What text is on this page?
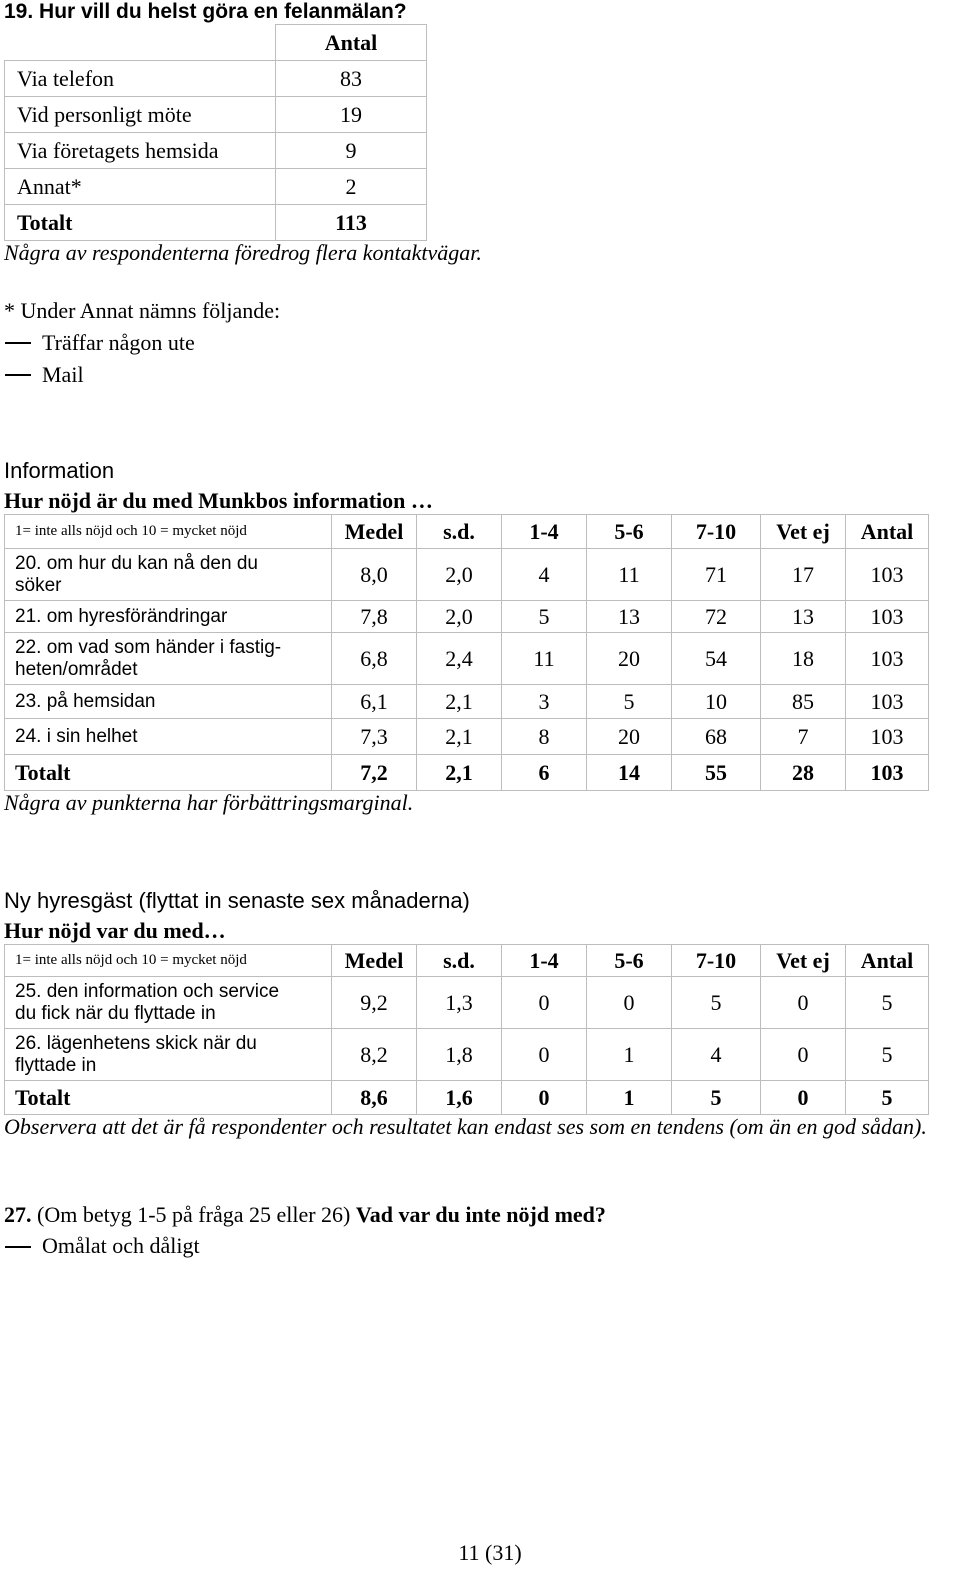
19. Hur vill du helst göra en felanmälan?
	Antal
Via telefon	83
Vid personligt möte	19
Via företagets hemsida	9
Annat*	2
Totalt	113
Några av respondenterna föredrog flera kontaktvägar.
* Under Annat nämns följande:
Träffar någon ute
Mail
Information
Hur nöjd är du med Munkbos information …
1= inte alls nöjd och 10 = mycket nöjd	Medel	s.d.	1-4	5-6	7-10	Vet ej	Antal

20. om hur du kan nå den du
söker	8,0	2,0	4	11	71	17	103
21. om hyresförändringar	7,8	2,0	5	13	72	13	103

22. om vad som händer i fastig-
heten/området	6,8	2,4	11	20	54	18	103
23. på hemsidan	6,1	2,1	3	5	10	85	103
24. i sin helhet	7,3	2,1	8	20	68	7	103
Totalt	7,2	2,1	6	14	55	28	103
Några av punkterna har förbättringsmarginal.
Ny hyresgäst (flyttat in senaste sex månaderna)
Hur nöjd var du med…
1= inte alls nöjd och 10 = mycket nöjd	Medel	s.d.	1-4	5-6	7-10	Vet ej	Antal

25. den information och service
du fick när du flyttade in	9,2	1,3	0	0	5	0	5

26. lägenhetens skick när du
flyttade in	8,2	1,8	0	1	4	0	5
Totalt	8,6	1,6	0	1	5	0	5
Observera att det är få respondenter och resultatet kan endast ses som en tendens (om än en god sådan).
27. (Om betyg 1-5 på fråga 25 eller 26) Vad var du inte nöjd med?
Omålat och dåligt
11 (31)
